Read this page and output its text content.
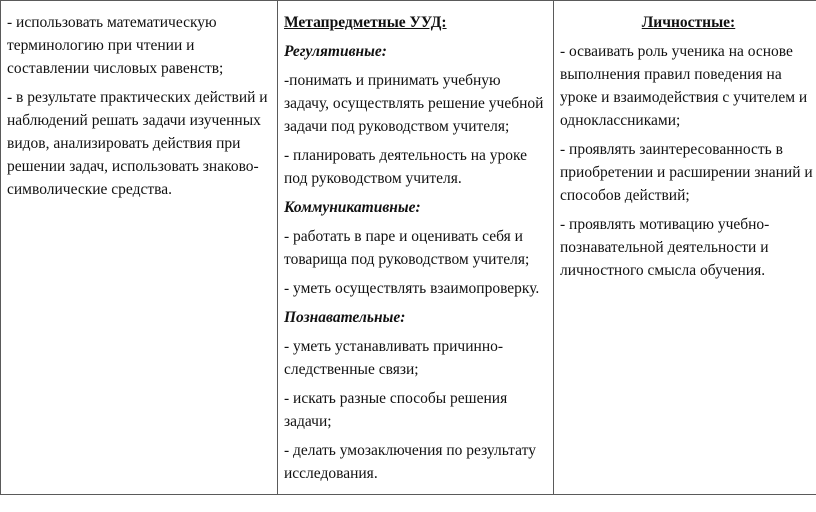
- использовать математическую терминологию при чтении и составлении числовых равенств;

- в результате практических действий и наблюдений решать задачи изученных видов, анализировать действия при решении задач, использовать знаково-символические средства.

Метапредметные УУД:

Регулятивные:

-понимать и принимать учебную задачу, осуществлять решение учебной задачи под руководством учителя;

- планировать деятельность на уроке под руководством учителя.

Коммуникативные:

- работать в паре и оценивать себя и товарища под руководством учителя;

- уметь осуществлять взаимопроверку.

Познавательные:

- уметь устанавливать причинно-следственные связи;

- искать разные способы решения задачи;

- делать умозаключения по результату исследования.

Личностные:

- осваивать роль ученика на основе выполнения правил поведения на уроке и взаимодействия с учителем и одноклассниками;

- проявлять заинтересованность в приобретении и расширении знаний и способов действий;

- проявлять мотивацию учебно-познавательной деятельности и личностного смысла обучения.
